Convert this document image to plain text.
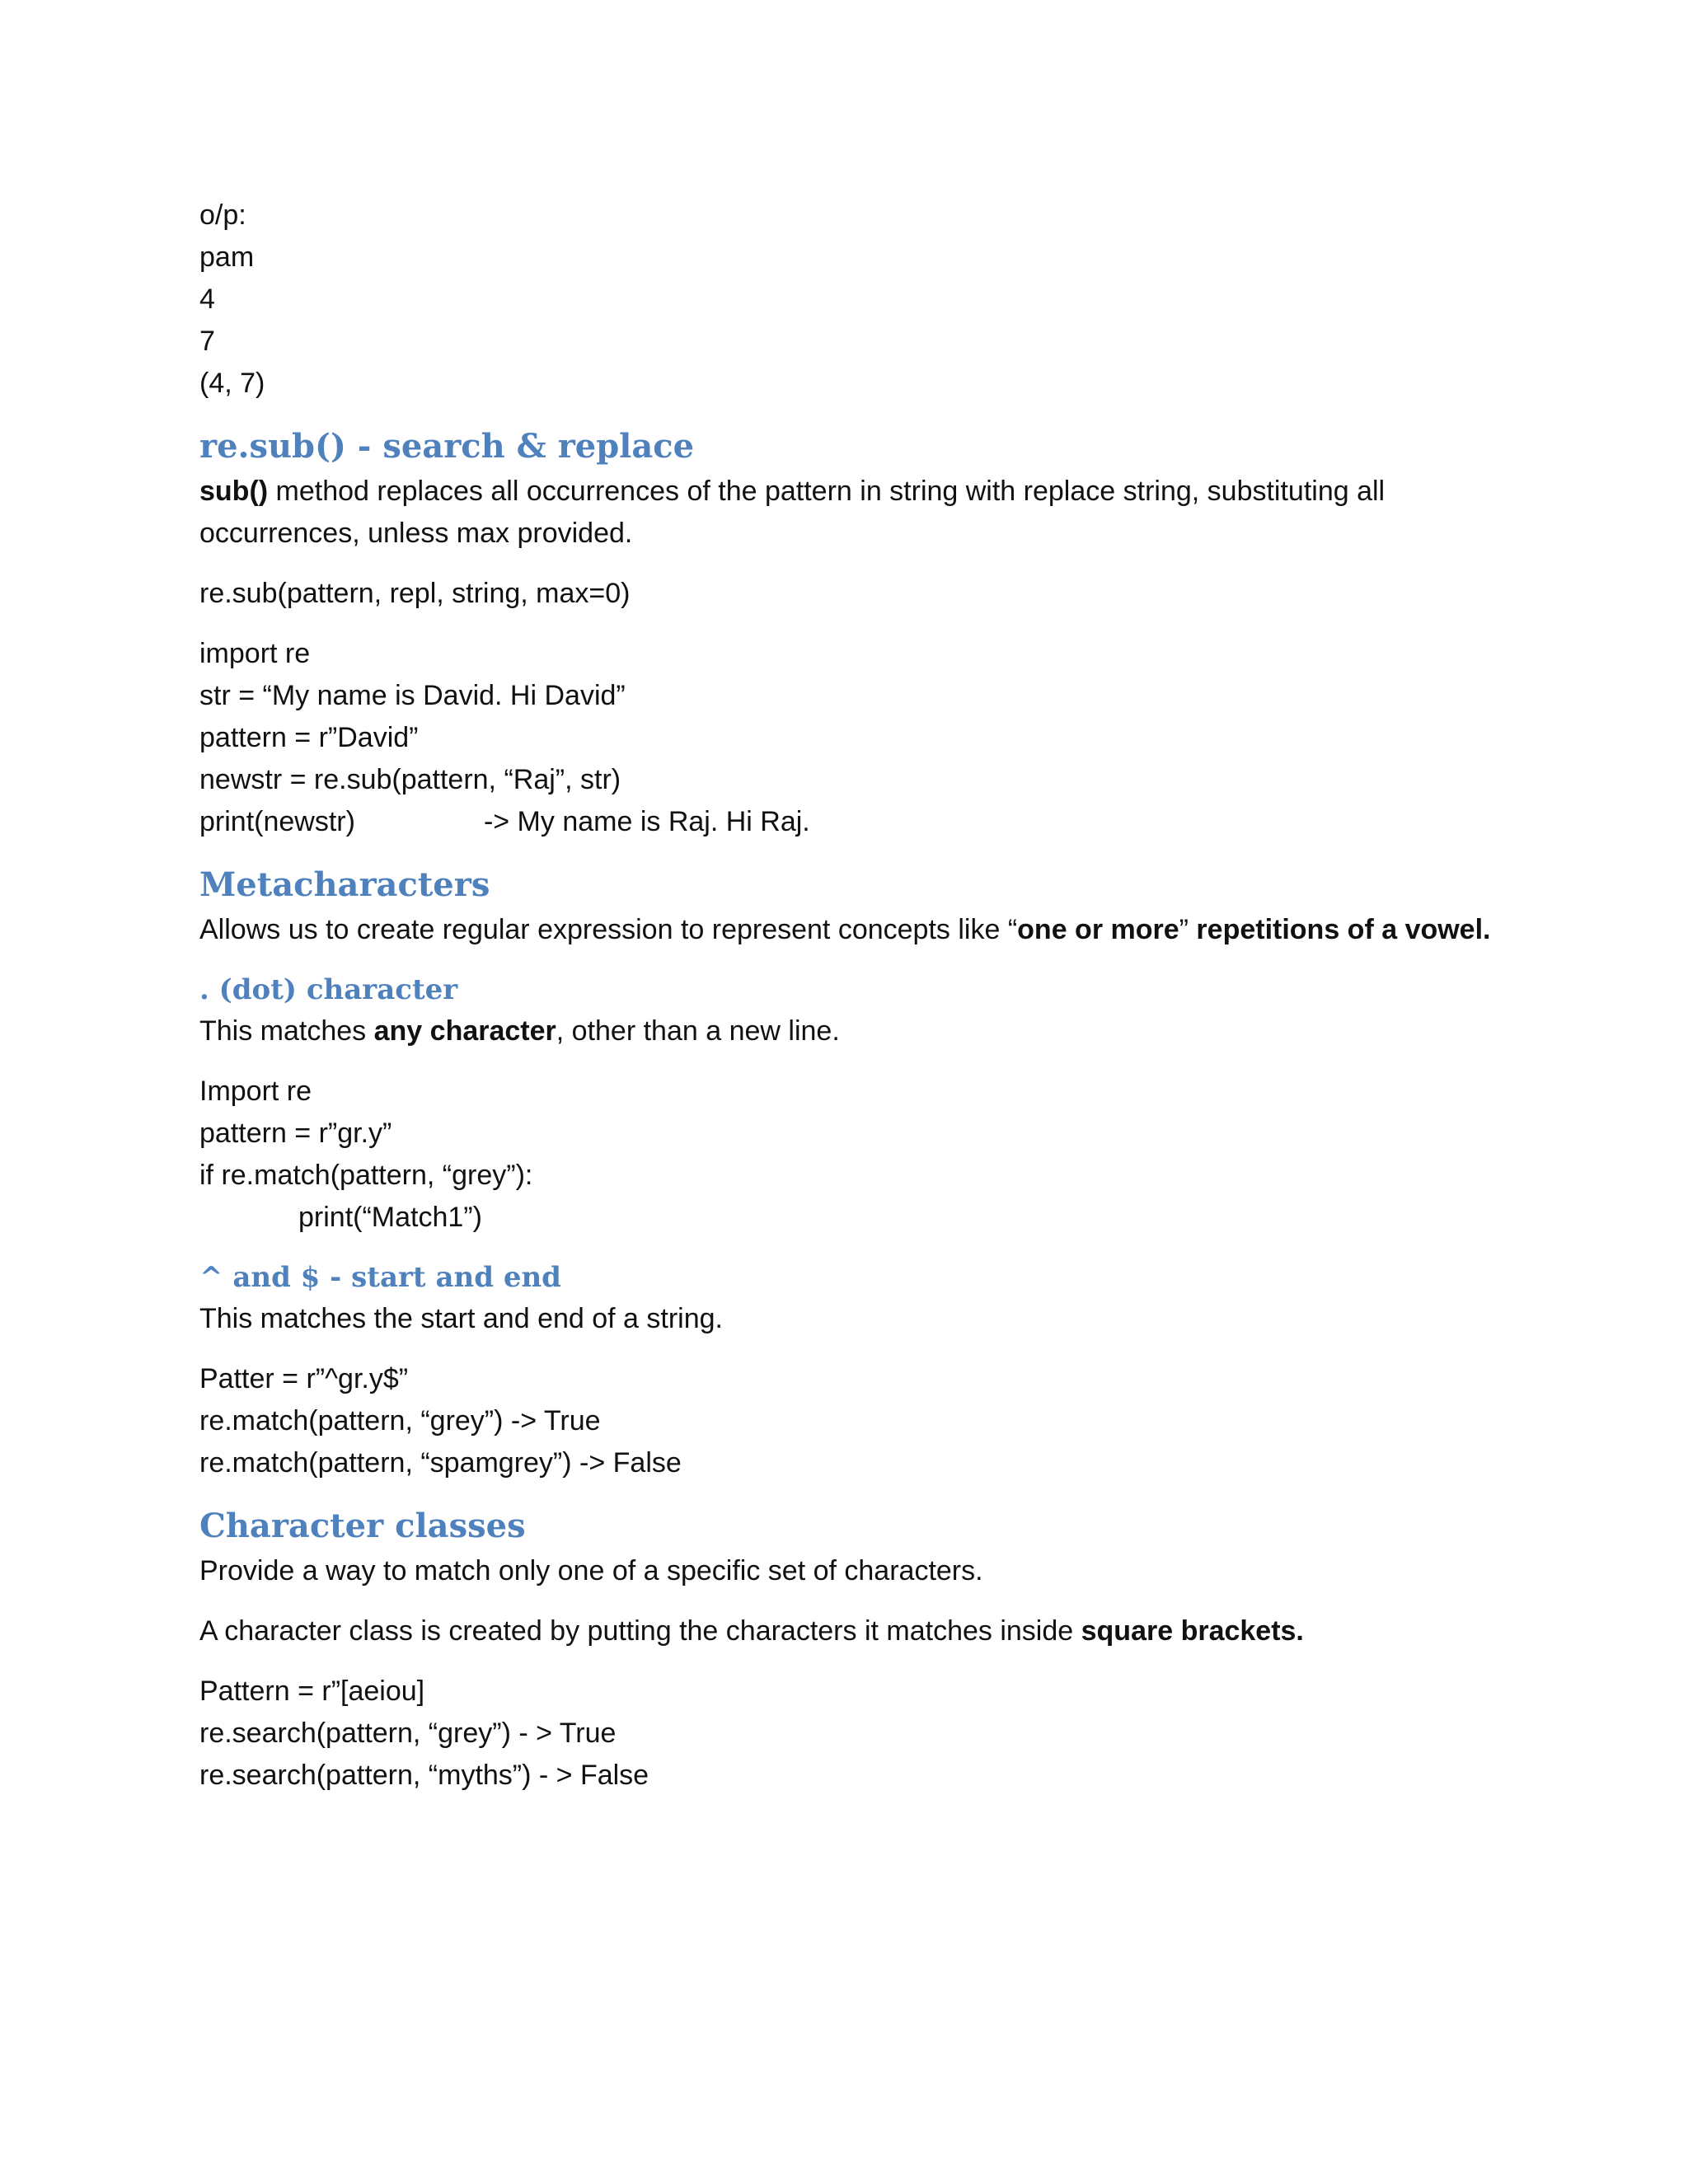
o/p:
pam
4
7
(4, 7)
re.sub() - search & replace
sub() method replaces all occurrences of the pattern in string with replace string, substituting all
occurrences, unless max provided.
re.sub(pattern, repl, string, max=0)
import re
str = “My name is David. Hi David”
pattern = r”David”
newstr = re.sub(pattern, “Raj”, str)
print(newstr)	-> My name is Raj. Hi Raj.
Metacharacters
Allows us to create regular expression to represent concepts like “one or more” repetitions of a vowel.
. (dot) character
This matches any character, other than a new line.
Import re
pattern = r”gr.y”
if re.match(pattern, “grey”):
print(“Match1”)
^ and $ - start and end
This matches the start and end of a string.
Patter = r”^gr.y$”
re.match(pattern, “grey”) -> True
re.match(pattern, “spamgrey”) -> False
Character classes
Provide a way to match only one of a specific set of characters.
A character class is created by putting the characters it matches inside square brackets.
Pattern = r”[aeiou]
re.search(pattern, “grey”) - > True
re.search(pattern, “myths”) - > False
